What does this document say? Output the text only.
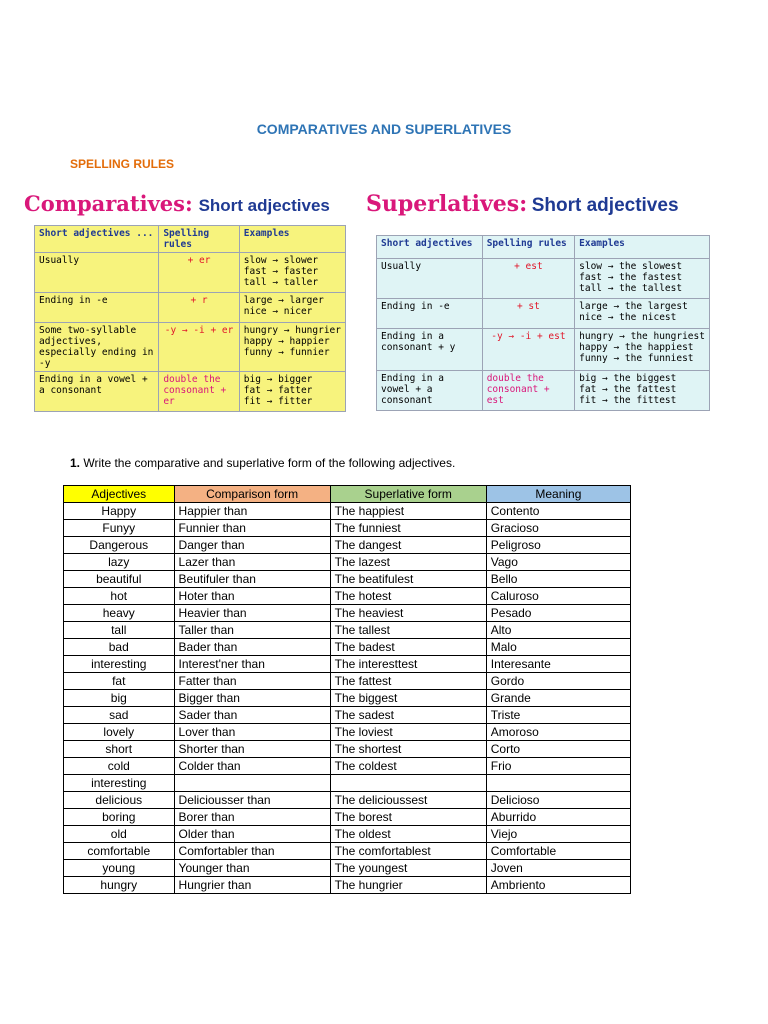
COMPARATIVES AND SUPERLATIVES
SPELLING RULES
Comparatives: Short adjectives
Short adjectives ...	Spelling rules	Examples
Usually	+ er	slow → slower
fast → faster
tall → taller

Ending in -e	+ r	large → larger
nice → nicer

Some two-syllable adjectives, especially ending in -y	-y → -i + er	hungry → hungrier
happy → happier
funny → funnier

Ending in a vowel + a consonant	double the consonant + er	big → bigger
fat → fatter
fit → fitter
Superlatives: Short adjectives
Short adjectives	Spelling rules	Examples
Usually	+ est	slow → the slowest
fast → the fastest
tall → the tallest

Ending in -e	+ st	large → the largest
nice → the nicest

Ending in a consonant + y	-y → -i + est	hungry → the hungriest
happy → the happiest
funny → the funniest

Ending in a vowel + a consonant	double the consonant + est	big → the biggest
fat → the fattest
fit → the fittest
1. Write the comparative and superlative form of the following adjectives.
Adjectives	Comparison form	Superlative form	Meaning
Happy	Happier than	The happiest	Contento
Funyy	Funnier than	The funniest	Gracioso
Dangerous	Danger than	The dangest	Peligroso
lazy	Lazer than	The lazest	Vago
beautiful	Beutifuler than	The beatifulest	Bello
hot	Hoter than	The hotest	Caluroso
heavy	Heavier than	The heaviest	Pesado
tall	Taller than	The tallest	Alto
bad	Bader than	The badest	Malo
interesting	Interest'ner than	The interesttest	Interesante
fat	Fatter than	The fattest	Gordo
big	Bigger than	The biggest	Grande
sad	Sader than	The sadest	Triste
lovely	Lover than	The loviest	Amoroso
short	Shorter than	The shortest	Corto
cold	Colder than	The coldest	Frio
interesting			
delicious	Deliciousser than	The delicioussest	Delicioso
boring	Borer than	The borest	Aburrido
old	Older than	The oldest	Viejo
comfortable	Comfortabler than	The comfortablest	Comfortable
young	Younger than	The youngest	Joven
hungry	Hungrier than	The hungrier	Ambriento
